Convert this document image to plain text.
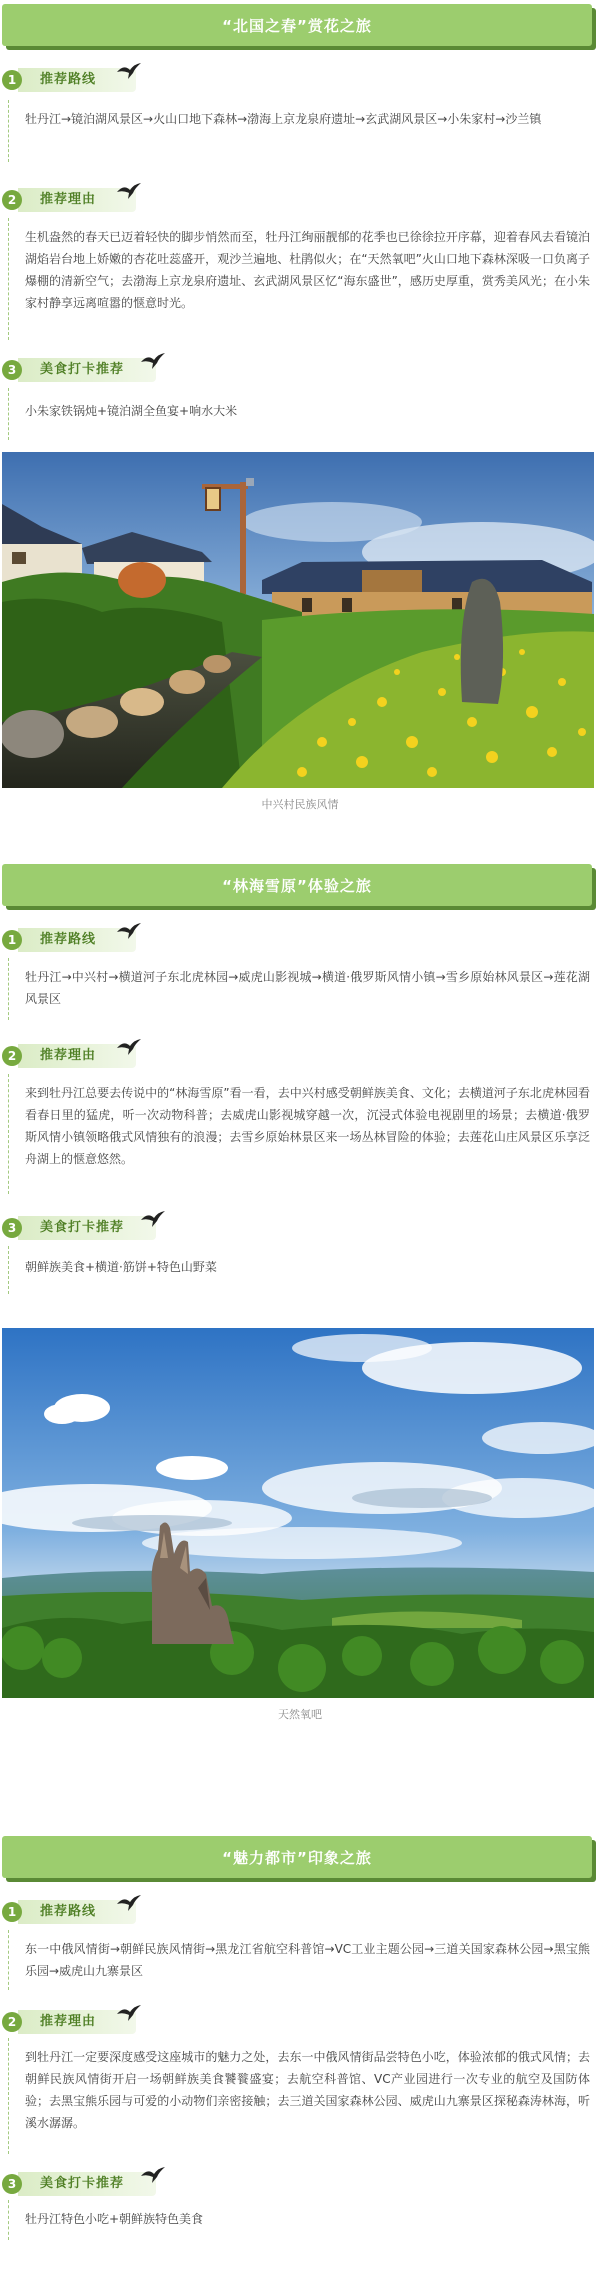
“北国之春”赏花之旅
1	推荐路线
牡丹江→镜泊湖风景区→火山口地下森林→渤海上京龙泉府遗址→玄武湖风景区→小朱家村→沙兰镇
2	推荐理由
生机盎然的春天已迈着轻快的脚步悄然而至，牡丹江绚丽靓郁的花季也已徐徐拉开序幕，迎着春风去看镜泊湖焰岩台地上娇嫩的杏花吐蕊盛开，观沙兰遍地、杜鹃似火；在“天然氧吧”火山口地下森林深吸一口负离子爆棚的清新空气；去渤海上京龙泉府遗址、玄武湖风景区忆“海东盛世”，感历史厚重，赏秀美风光；在小朱家村静享远离喧嚣的惬意时光。
3	美食打卡推荐
小朱家铁锅炖+镜泊湖全鱼宴+响水大米
中兴村民族风情
“林海雪原”体验之旅
1	推荐路线
牡丹江→中兴村→横道河子东北虎林园→威虎山影视城→横道·俄罗斯风情小镇→雪乡原始林风景区→莲花湖风景区
2	推荐理由
来到牡丹江总要去传说中的“林海雪原”看一看，去中兴村感受朝鲜族美食、文化；去横道河子东北虎林园看看春日里的猛虎，听一次动物科普；去威虎山影视城穿越一次，沉浸式体验电视剧里的场景；去横道·俄罗斯风情小镇领略俄式风情独有的浪漫；去雪乡原始林景区来一场丛林冒险的体验；去莲花山庄风景区乐享泛舟湖上的惬意悠然。
3	美食打卡推荐
朝鲜族美食+横道·筋饼+特色山野菜
天然氧吧
“魅力都市”印象之旅
1	推荐路线
东一中俄风情街→朝鲜民族风情街→黑龙江省航空科普馆→VC工业主题公园→三道关国家森林公园→黑宝熊乐园→威虎山九寨景区
2	推荐理由
到牡丹江一定要深度感受这座城市的魅力之处，去东一中俄风情街品尝特色小吃，体验浓郁的俄式风情；去朝鲜民族风情街开启一场朝鲜族美食饕餮盛宴；去航空科普馆、VC产业园进行一次专业的航空及国防体验；去黑宝熊乐园与可爱的小动物们亲密接触；去三道关国家森林公园、威虎山九寨景区探秘森涛林海，听溪水潺潺。
3	美食打卡推荐
牡丹江特色小吃+朝鲜族特色美食
